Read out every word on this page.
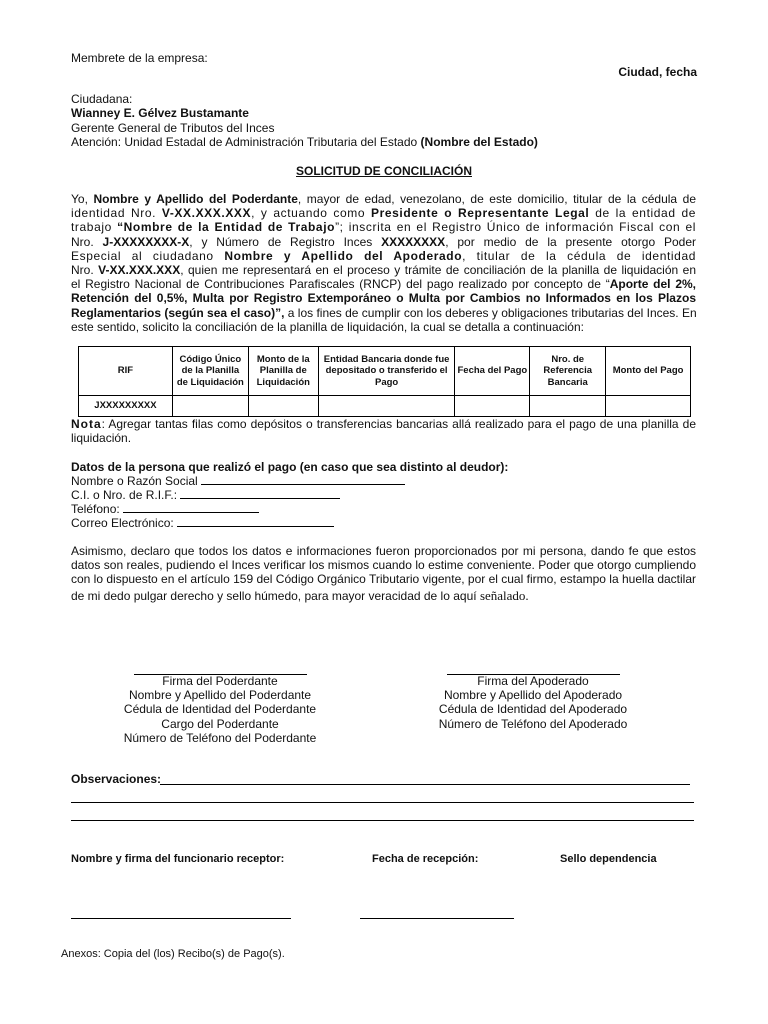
Membrete de la empresa:
Ciudad, fecha
Ciudadana:
Wianney E. Gélvez Bustamante
Gerente General de Tributos del Inces
Atención: Unidad Estadal de Administración Tributaria del Estado (Nombre del Estado)
SOLICITUD DE CONCILIACIÓN
Yo, Nombre y Apellido del Poderdante, mayor de edad, venezolano, de este domicilio, titular de la cédula de
identidad Nro. V-XX.XXX.XXX, y actuando como Presidente o Representante Legal de la entidad de
trabajo “Nombre de la Entidad de Trabajo”; inscrita en el Registro Único de información Fiscal con el
Nro. J-XXXXXXXX-X, y Número de Registro Inces XXXXXXXX, por medio de la presente otorgo Poder
Especial al ciudadano Nombre y Apellido del Apoderado, titular de la cédula de identidad
Nro. V-XX.XXX.XXX, quien me representará en el proceso y trámite de conciliación de la planilla de liquidación en
el Registro Nacional de Contribuciones Parafiscales (RNCP) del pago realizado por concepto de “Aporte del 2%,
Retención del 0,5%, Multa por Registro Extemporáneo o Multa por Cambios no Informados en los Plazos
Reglamentarios (según sea el caso)”, a los fines de cumplir con los deberes y obligaciones tributarias del Inces. En
este sentido, solicito la conciliación de la planilla de liquidación, la cual se detalla a continuación:
RIF	Código Único de la Planilla de Liquidación	Monto de la Planilla de Liquidación	Entidad Bancaria donde fue depositado o transferido el Pago	Fecha del Pago	Nro. de Referencia Bancaria	Monto del Pago
JXXXXXXXXX						
Nota: Agregar tantas filas como depósitos o transferencias bancarias allá realizado para el pago de una planilla de
liquidación.
Datos de la persona que realizó el pago (en caso que sea distinto al deudor):
Nombre o Razón Social
C.I. o Nro. de R.I.F.:
Teléfono:
Correo Electrónico:
Asimismo, declaro que todos los datos e informaciones fueron proporcionados por mi persona, dando fe que estos
datos son reales, pudiendo el Inces verificar los mismos cuando lo estime conveniente. Poder que otorgo cumpliendo
con lo dispuesto en el artículo 159 del Código Orgánico Tributario vigente, por el cual firmo, estampo la huella dactilar
de mi dedo pulgar derecho y sello húmedo, para mayor veracidad de lo aquí señalado.
Firma del Poderdante
Nombre y Apellido del Poderdante
Cédula de Identidad del Poderdante
Cargo del Poderdante
Número de Teléfono del Poderdante
Firma del Apoderado
Nombre y Apellido del Apoderado
Cédula de Identidad del Apoderado
Número de Teléfono del Apoderado
Observaciones:
Nombre y firma del funcionario receptor:	Fecha de recepción:	Sello dependencia
Anexos: Copia del (los) Recibo(s) de Pago(s).
